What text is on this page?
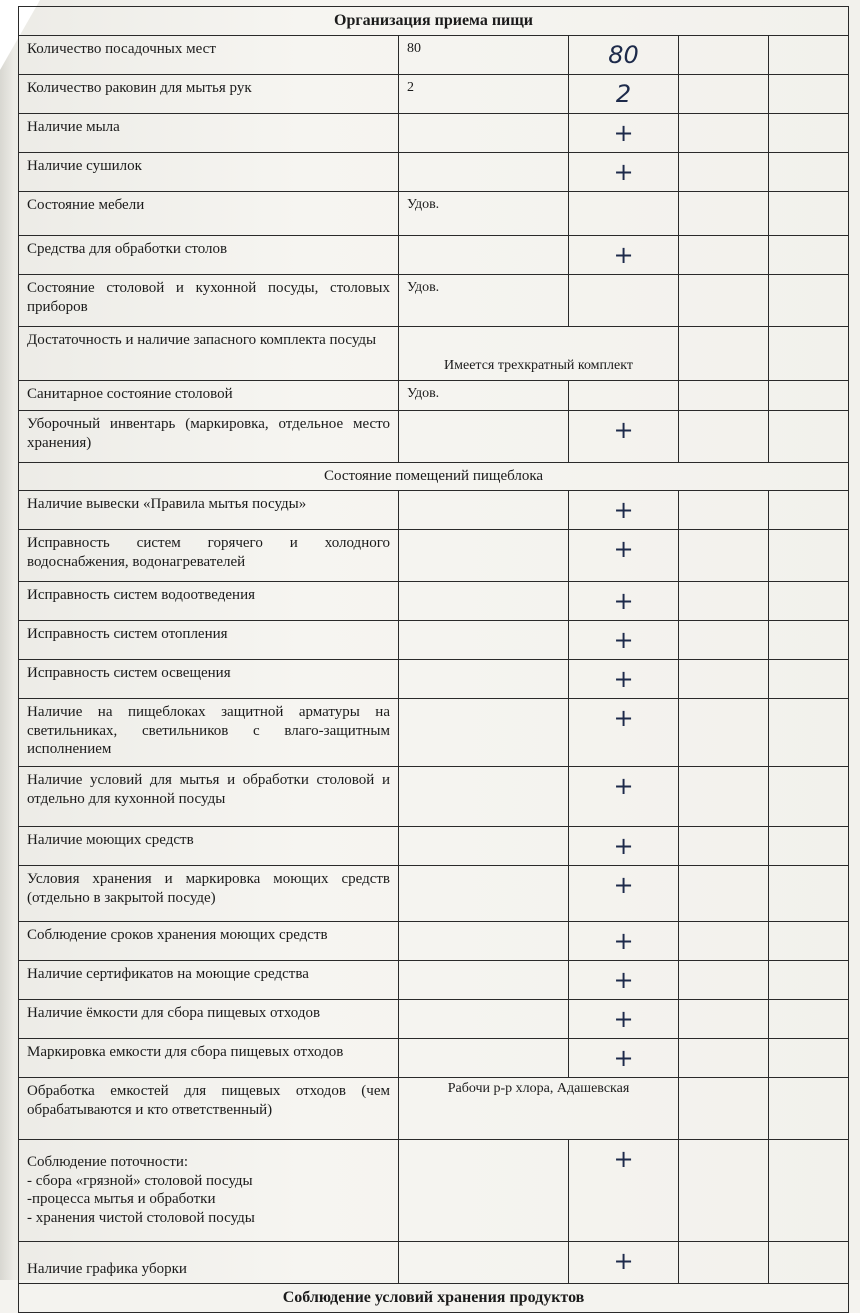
Организация приема пищи				
Количество посадочных мест	80	80		
Количество раковин для мытья рук	2	2		
Наличие мыла		+		
Наличие сушилок		+		
Состояние мебели	Удов.			
Средства для обработки столов		+		
Состояние столовой и кухонной посуды, столовых приборов	Удов.			
Достаточность и наличие запасного комплекта посуды	Имеется трехкратный комплект			
Санитарное состояние столовой	Удов.			
Уборочный инвентарь (маркировка, отдельное место хранения)		+		
Состояние помещений пищеблока				
Наличие вывески «Правила мытья посуды»		+		
Исправность систем горячего и холодного водоснабжения, водонагревателей		+		
Исправность систем водоотведения		+		
Исправность систем отопления		+		
Исправность систем освещения		+		
Наличие на пищеблоках защитной арматуры на светильниках, светильников с влаго-защитным исполнением		+		
Наличие условий для мытья и обработки столовой и отдельно для кухонной посуды		+		
Наличие моющих средств		+		
Условия хранения и маркировка моющих средств (отдельно в закрытой посуде)		+		
Соблюдение сроков хранения моющих средств		+		
Наличие сертификатов на моющие средства		+		
Наличие ёмкости для сбора пищевых отходов		+		
Маркировка емкости для сбора пищевых отходов		+		
Обработка емкостей для пищевых отходов (чем обрабатываются и кто ответственный)	Рабочи р-р хлора, Адашевская			
Соблюдение поточности:
- сбора «грязной» столовой посуды
-процесса мытья и обработки
- хранения чистой столовой посуды		+		
Наличие графика уборки		+		
Соблюдение условий хранения продуктов				
